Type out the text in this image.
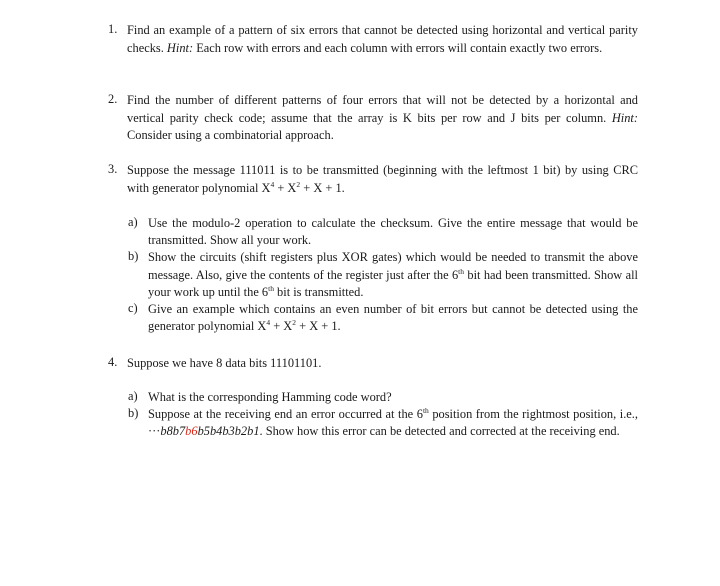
1. Find an example of a pattern of six errors that cannot be detected using horizontal and vertical parity checks. Hint: Each row with errors and each column with errors will contain exactly two errors.
2. Find the number of different patterns of four errors that will not be detected by a horizontal and vertical parity check code; assume that the array is K bits per row and J bits per column. Hint: Consider using a combinatorial approach.
3. Suppose the message 111011 is to be transmitted (beginning with the leftmost 1 bit) by using CRC with generator polynomial $X^4 + X^2 + X + 1$.
a) Use the modulo-2 operation to calculate the checksum. Give the entire message that would be transmitted. Show all your work.
b) Show the circuits (shift registers plus XOR gates) which would be needed to transmit the above message. Also, give the contents of the register just after the 6th bit had been transmitted. Show all your work up until the 6th bit is transmitted.
c) Give an example which contains an even number of bit errors but cannot be detected using the generator polynomial $X^4 + X^2 + X + 1$.
4. Suppose we have 8 data bits 11101101.
a) What is the corresponding Hamming code word?
b) Suppose at the receiving end an error occurred at the 6th position from the rightmost position, i.e., ···b8b7b6b5b4b3b2b1. Show how this error can be detected and corrected at the receiving end.
